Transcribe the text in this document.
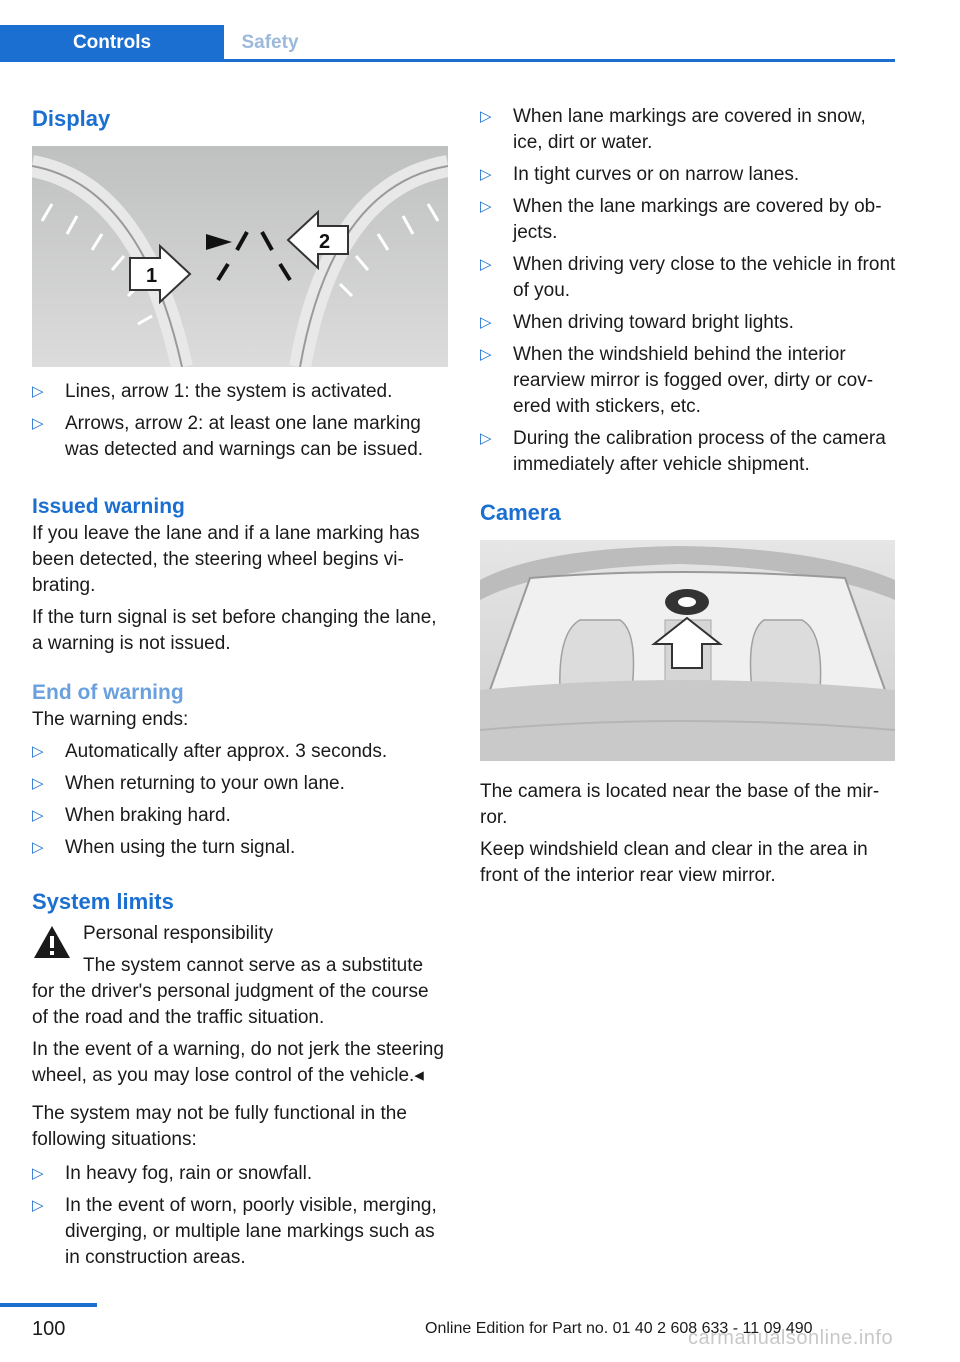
Controls	Safety
Display
1
2
▷ Lines, arrow 1: the system is activated.
▷ Arrows, arrow 2: at least one lane marking was detected and warnings can be issued.
Issued warning

If you leave the lane and if a lane marking has been detected, the steering wheel begins vi-brating.

If the turn signal is set before changing the lane, a warning is not issued.

End of warning

The warning ends:

▷ Automatically after approx. 3 seconds.
▷ When returning to your own lane.
▷ When braking hard.
▷ When using the turn signal.
System limits

Personal responsibility

The system cannot serve as a substitute for the driver's personal judgment of the course of the road and the traffic situation.

In the event of a warning, do not jerk the steering wheel, as you may lose control of the vehicle.◂

The system may not be fully functional in the following situations:

▷ In heavy fog, rain or snowfall.
▷ In the event of worn, poorly visible, merging, diverging, or multiple lane markings such as in construction areas.
▷ When lane markings are covered in snow, ice, dirt or water.
▷ In tight curves or on narrow lanes.
▷ When the lane markings are covered by ob-jects.
▷ When driving very close to the vehicle in front of you.
▷ When driving toward bright lights.
▷ When the windshield behind the interior rearview mirror is fogged over, dirty or cov-ered with stickers, etc.
▷ During the calibration process of the camera immediately after vehicle shipment.
Camera

The camera is located near the base of the mir-ror.

Keep windshield clean and clear in the area in front of the interior rear view mirror.

100	Online Edition for Part no. 01 40 2 608 633 - 11 09 490
carmanualsonline.info
